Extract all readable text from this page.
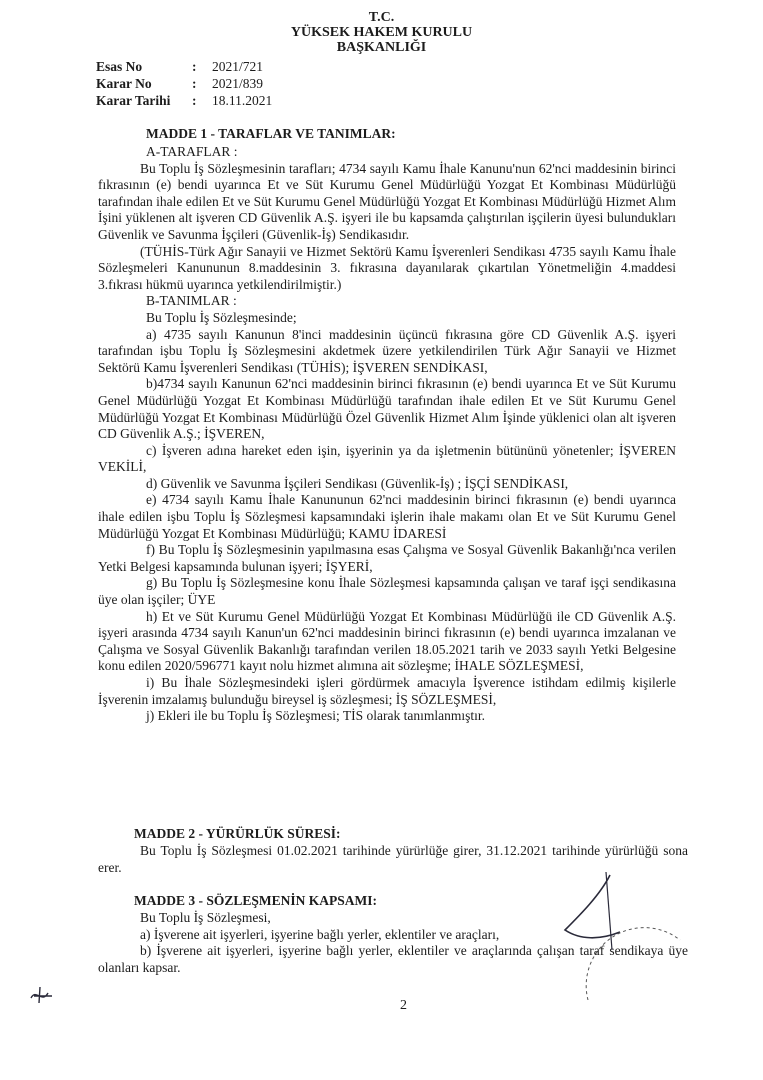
T.C.
YÜKSEK HAKEM KURULU
BAŞKANLIĞI
Esas No	:	2021/721
Karar No	:	2021/839
Karar Tarihi	:	18.11.2021
MADDE 1 - TARAFLAR VE TANIMLAR:

A-TARAFLAR :

Bu Toplu İş Sözleşmesinin tarafları; 4734 sayılı Kamu İhale Kanunu'nun 62'nci maddesinin birinci fıkrasının (e) bendi uyarınca Et ve Süt Kurumu Genel Müdürlüğü Yozgat Et Kombinası Müdürlüğü tarafından ihale edilen Et ve Süt Kurumu Genel Müdürlüğü Yozgat Et Kombinası Müdürlüğü Hizmet Alım İşini yüklenen alt işveren CD Güvenlik A.Ş. işyeri ile bu kapsamda çalıştırılan işçilerin üyesi bulundukları Güvenlik ve Savunma İşçileri (Güvenlik-İş) Sendikasıdır.

(TÜHİS-Türk Ağır Sanayii ve Hizmet Sektörü Kamu İşverenleri Sendikası 4735 sayılı Kamu İhale Sözleşmeleri Kanununun 8.maddesinin 3. fıkrasına dayanılarak çıkartılan Yönetmeliğin 4.maddesi 3.fıkrası hükmü uyarınca yetkilendirilmiştir.)

B-TANIMLAR :

Bu Toplu İş Sözleşmesinde;

a) 4735 sayılı Kanunun 8'inci maddesinin üçüncü fıkrasına göre CD Güvenlik A.Ş. işyeri tarafından işbu Toplu İş Sözleşmesini akdetmek üzere yetkilendirilen Türk Ağır Sanayii ve Hizmet Sektörü Kamu İşverenleri Sendikası (TÜHİS); İŞVEREN SENDİKASI,

b)4734 sayılı Kanunun 62'nci maddesinin birinci fıkrasının (e) bendi uyarınca Et ve Süt Kurumu Genel Müdürlüğü Yozgat Et Kombinası Müdürlüğü tarafından ihale edilen Et ve Süt Kurumu Genel Müdürlüğü Yozgat Et Kombinası Müdürlüğü Özel Güvenlik Hizmet Alım İşinde yüklenici olan alt işveren CD Güvenlik A.Ş.; İŞVEREN,

c) İşveren adına hareket eden işin, işyerinin ya da işletmenin bütününü yönetenler; İŞVEREN VEKİLİ,

d) Güvenlik ve Savunma İşçileri Sendikası (Güvenlik-İş) ; İŞÇİ SENDİKASI,

e) 4734 sayılı Kamu İhale Kanununun 62'nci maddesinin birinci fıkrasının (e) bendi uyarınca ihale edilen işbu Toplu İş Sözleşmesi kapsamındaki işlerin ihale makamı olan Et ve Süt Kurumu Genel Müdürlüğü Yozgat Et Kombinası Müdürlüğü; KAMU İDARESİ

f) Bu Toplu İş Sözleşmesinin yapılmasına esas Çalışma ve Sosyal Güvenlik Bakanlığı'nca verilen Yetki Belgesi kapsamında bulunan işyeri; İŞYERİ,

g) Bu Toplu İş Sözleşmesine konu İhale Sözleşmesi kapsamında çalışan ve taraf işçi sendikasına üye olan işçiler; ÜYE

h) Et ve Süt Kurumu Genel Müdürlüğü Yozgat Et Kombinası Müdürlüğü ile CD Güvenlik A.Ş. işyeri arasında 4734 sayılı Kanun'un 62'nci maddesinin birinci fıkrasının (e) bendi uyarınca imzalanan ve Çalışma ve Sosyal Güvenlik Bakanlığı tarafından verilen 18.05.2021 tarih ve 2033 sayılı Yetki Belgesine konu edilen 2020/596771 kayıt nolu hizmet alımına ait sözleşme; İHALE SÖZLEŞMESİ,

i) Bu İhale Sözleşmesindeki işleri gördürmek amacıyla İşverence istihdam edilmiş kişilerle İşverenin imzalamış bulunduğu bireysel iş sözleşmesi; İŞ SÖZLEŞMESİ,

j) Ekleri ile bu Toplu İş Sözleşmesi; TİS olarak tanımlanmıştır.

MADDE 2 - YÜRÜRLÜK SÜRESİ:

Bu Toplu İş Sözleşmesi 01.02.2021 tarihinde yürürlüğe girer, 31.12.2021 tarihinde yürürlüğü sona erer.

MADDE 3 - SÖZLEŞMENİN KAPSAMI:

Bu Toplu İş Sözleşmesi,

a) İşverene ait işyerleri, işyerine bağlı yerler, eklentiler ve araçları,

b) İşverene ait işyerleri, işyerine bağlı yerler, eklentiler ve araçlarında çalışan taraf sendikaya üye olanları kapsar.

2
